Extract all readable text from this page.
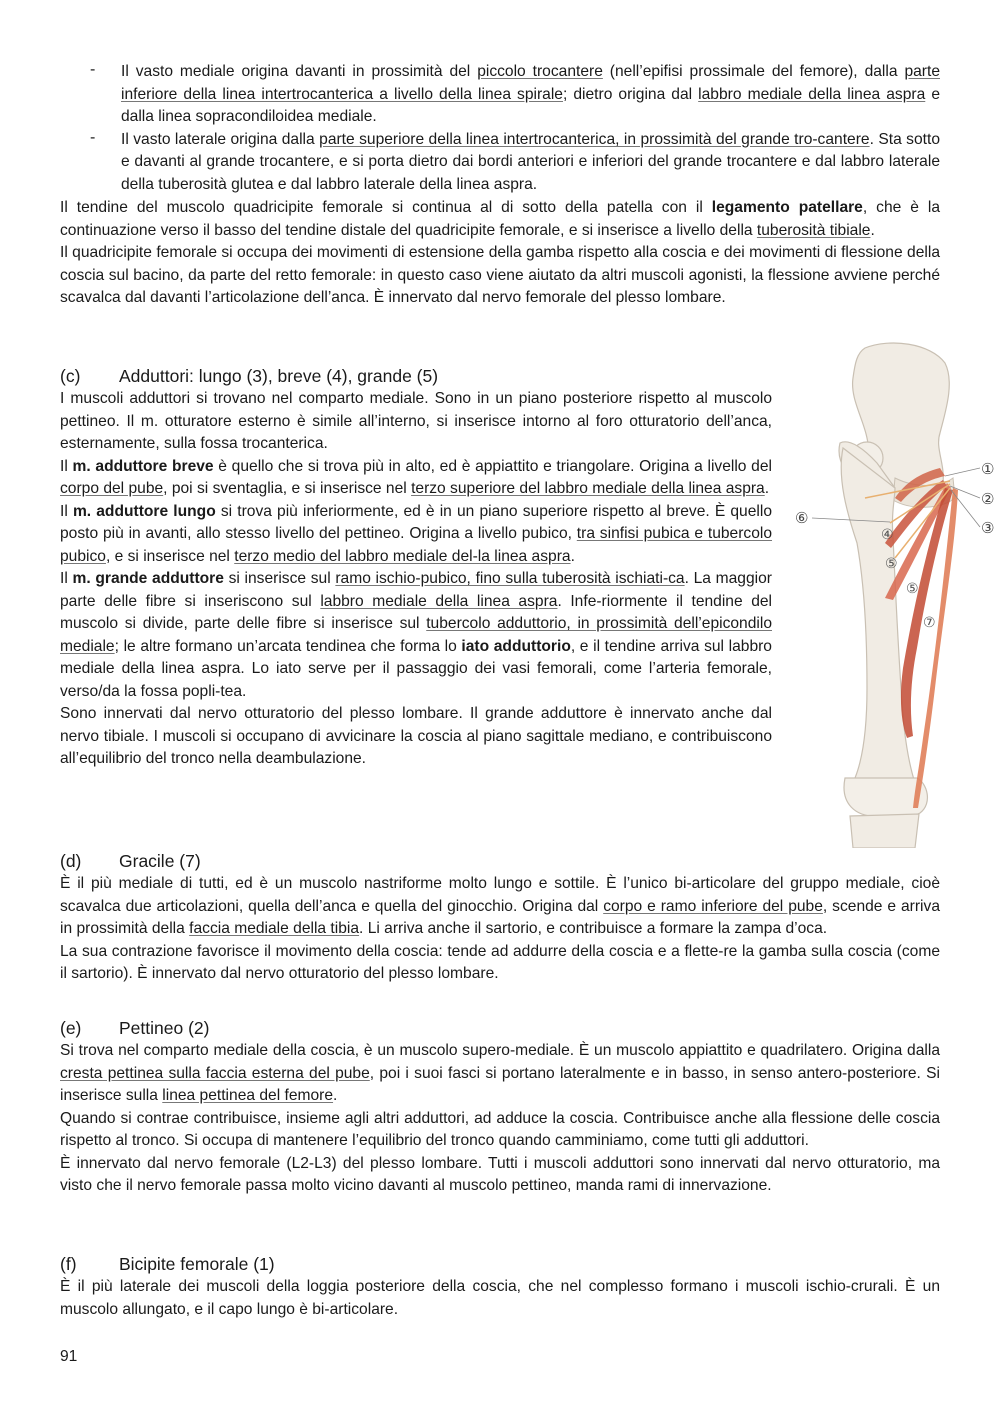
- Il vasto mediale origina davanti in prossimità del piccolo trocantere (nell’epifisi prossimale del femore), dalla parte inferiore della linea intertrocanterica a livello della linea spirale; dietro origina dal labbro mediale della linea aspra e dalla linea sopracondiloidea mediale.

- Il vasto laterale origina dalla parte superiore della linea intertrocanterica, in prossimità del grande tro-cantere. Sta sotto e davanti al grande trocantere, e si porta dietro dai bordi anteriori e inferiori del grande trocantere e dal labbro laterale della tuberosità glutea e dal labbro laterale della linea aspra.

Il tendine del muscolo quadricipite femorale si continua al di sotto della patella con il legamento patellare, che è la continuazione verso il basso del tendine distale del quadricipite femorale, e si inserisce a livello della tuberosità tibiale.

Il quadricipite femorale si occupa dei movimenti di estensione della gamba rispetto alla coscia e dei movimenti di flessione della coscia sul bacino, da parte del retto femorale: in questo caso viene aiutato da altri muscoli agonisti, la flessione avviene perché scavalca dal davanti l’articolazione dell’anca. È innervato dal nervo femorale del plesso lombare.

(c) Adduttori: lungo (3), breve (4), grande (5)

I muscoli adduttori si trovano nel comparto mediale. Sono in un piano posteriore rispetto al muscolo pettineo. Il m. otturatore esterno è simile all’interno, si inserisce intorno al foro otturatorio dell’anca, esternamente, sulla fossa trocanterica.

Il m. adduttore breve è quello che si trova più in alto, ed è appiattito e triangolare. Origina a livello del corpo del pube, poi si sventaglia, e si inserisce nel terzo superiore del labbro mediale della linea aspra.

Il m. adduttore lungo si trova più inferiormente, ed è in un piano superiore rispetto al breve. È quello posto più in avanti, allo stesso livello del pettineo. Origina a livello pubico, tra sinfisi pubica e tubercolo pubico, e si inserisce nel terzo medio del labbro mediale del-la linea aspra.

Il m. grande adduttore si inserisce sul ramo ischio-pubico, fino sulla tuberosità ischiati-ca. La maggior parte delle fibre si inseriscono sul labbro mediale della linea aspra. Infe-riormente il tendine del muscolo si divide, parte delle fibre si inserisce sul tubercolo adduttorio, in prossimità dell’epicondilo mediale; le altre formano un’arcata tendinea che forma lo iato adduttorio, e il tendine arriva sul labbro mediale della linea aspra. Lo iato serve per il passaggio dei vasi femorali, come l’arteria femorale, verso/da la fossa popli-tea.

Sono innervati dal nervo otturatorio del plesso lombare. Il grande adduttore è innervato anche dal nervo tibiale. I muscoli si occupano di avvicinare la coscia al piano sagittale mediano, e contribuiscono all’equilibrio del tronco nella deambulazione.

(d) Gracile (7)

È il più mediale di tutti, ed è un muscolo nastriforme molto lungo e sottile. È l’unico bi-articolare del gruppo mediale, cioè scavalca due articolazioni, quella dell’anca e quella del ginocchio. Origina dal corpo e ramo inferiore del pube, scende e arriva in prossimità della faccia mediale della tibia. Li arriva anche il sartorio, e contribuisce a formare la zampa d’oca.

La sua contrazione favorisce il movimento della coscia: tende ad addurre della coscia e a flette-re la gamba sulla coscia (come il sartorio). È innervato dal nervo otturatorio del plesso lombare.

(e) Pettineo (2)

Si trova nel comparto mediale della coscia, è un muscolo supero-mediale. È un muscolo appiattito e quadrilatero. Origina dalla cresta pettinea sulla faccia esterna del pube, poi i suoi fasci si portano lateralmente e in basso, in senso antero-posteriore. Si inserisce sulla linea pettinea del femore.

Quando si contrae contribuisce, insieme agli altri adduttori, ad adduce la coscia. Contribuisce anche alla flessione delle coscia rispetto al tronco. Si occupa di mantenere l’equilibrio del tronco quando camminiamo, come tutti gli adduttori.

È innervato dal nervo femorale (L2-L3) del plesso lombare. Tutti i muscoli adduttori sono innervati dal nervo otturatorio, ma visto che il nervo femorale passa molto vicino davanti al muscolo pettineo, manda rami di innervazione.

(f) Bicipite femorale (1)

È il più laterale dei muscoli della loggia posteriore della coscia, che nel complesso formano i muscoli ischio-crurali. È un muscolo allungato, e il capo lungo è bi-articolare.

①
②
③
④
⑤
⑤
⑥
⑦
91
